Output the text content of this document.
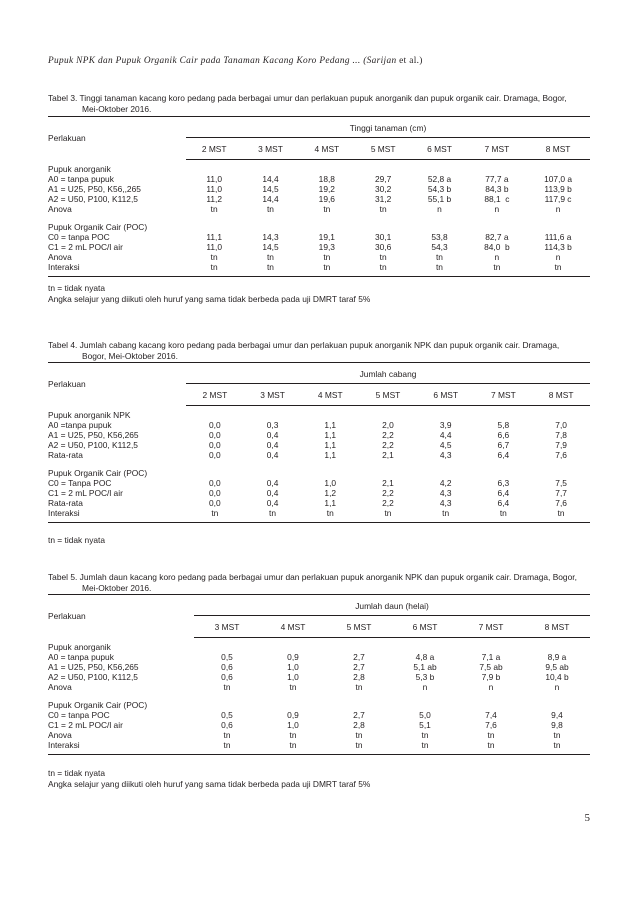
Pupuk NPK dan Pupuk Organik Cair pada Tanaman Kacang Koro Pedang ... (Sarijan et al.)
Tabel 3. Tinggi tanaman kacang koro pedang pada berbagai umur dan perlakuan pupuk anorganik dan pupuk organik cair. Dramaga, Bogor,
Mei-Oktober 2016.
Perlakuan	Tinggi tanaman (cm)						
	2 MST	3 MST	4 MST	5 MST	6 MST	7 MST	8 MST
Pupuk anorganik							
A0 = tanpa pupuk	11,0	14,4	18,8	29,7	52,8 a	77,7 a	107,0 a
A1 = U25, P50, K56,,265	11,0	14,5	19,2	30,2	54,3 b	84,3 b	113,9 b
A2 = U50, P100, K112,5	11,2	14,4	19,6	31,2	55,1 b	88,1  c	117,9 c
Anova	tn	tn	tn	tn	n	n	n

Pupuk Organik Cair (POC)							
C0 = tanpa POC	11,1	14,3	19,1	30,1	53,8	82,7 a	111,6 a
C1 = 2 mL POC/l air	11,0	14,5	19,3	30,6	54,3	84,0  b	114,3 b
Anova	tn	tn	tn	tn	tn	n	n
Interaksi	tn	tn	tn	tn	tn	tn	tn
tn = tidak nyata
Angka selajur yang diikuti oleh huruf yang sama tidak berbeda pada uji DMRT taraf 5%
Tabel 4. Jumlah cabang kacang koro pedang pada berbagai umur dan perlakuan pupuk anorganik NPK dan pupuk organik cair. Dramaga,
Bogor, Mei-Oktober 2016.
Perlakuan	Jumlah cabang						
	2 MST	3 MST	4 MST	5 MST	6 MST	7 MST	8 MST
Pupuk anorganik NPK							
A0 =tanpa pupuk	0,0	0,3	1,1	2,0	3,9	5,8	7,0
A1 = U25, P50, K56,265	0,0	0,4	1,1	2,2	4,4	6,6	7,8
A2 = U50, P100, K112,5	0,0	0,4	1,1	2,2	4,5	6,7	7,9
Rata-rata	0,0	0,4	1,1	2,1	4,3	6,4	7,6

Pupuk Organik Cair (POC)							
C0 = Tanpa POC	0,0	0,4	1,0	2,1	4,2	6,3	7,5
C1 = 2 mL POC/l air	0,0	0,4	1,2	2,2	4,3	6,4	7,7
Rata-rata	0,0	0,4	1,1	2,2	4,3	6,4	7,6
Interaksi	tn	tn	tn	tn	tn	tn	tn
tn = tidak nyata
Tabel 5. Jumlah daun kacang koro pedang pada berbagai umur dan perlakuan pupuk anorganik NPK dan pupuk organik cair. Dramaga, Bogor,
Mei-Oktober 2016.
Perlakuan	Jumlah daun (helai)					
	3 MST	4 MST	5 MST	6 MST	7 MST	8 MST
Pupuk anorganik						
A0 = tanpa pupuk	0,5	0,9	2,7	4,8 a	7,1 a	8,9 a
A1 = U25, P50, K56,265	0,6	1,0	2,7	5,1 ab	7,5 ab	9,5 ab
A2 = U50, P100, K112,5	0,6	1,0	2,8	5,3 b	7,9 b	10,4 b
Anova	tn	tn	tn	n	n	n

Pupuk Organik Cair (POC)						
C0 = tanpa POC	0,5	0,9	2,7	5,0	7,4	9,4
C1 = 2 mL POC/l air	0,6	1,0	2,8	5,1	7,6	9,8
Anova	tn	tn	tn	tn	tn	tn
Interaksi	tn	tn	tn	tn	tn	tn
tn = tidak nyata
Angka selajur yang diikuti oleh huruf yang sama tidak berbeda pada uji DMRT taraf 5%
5
